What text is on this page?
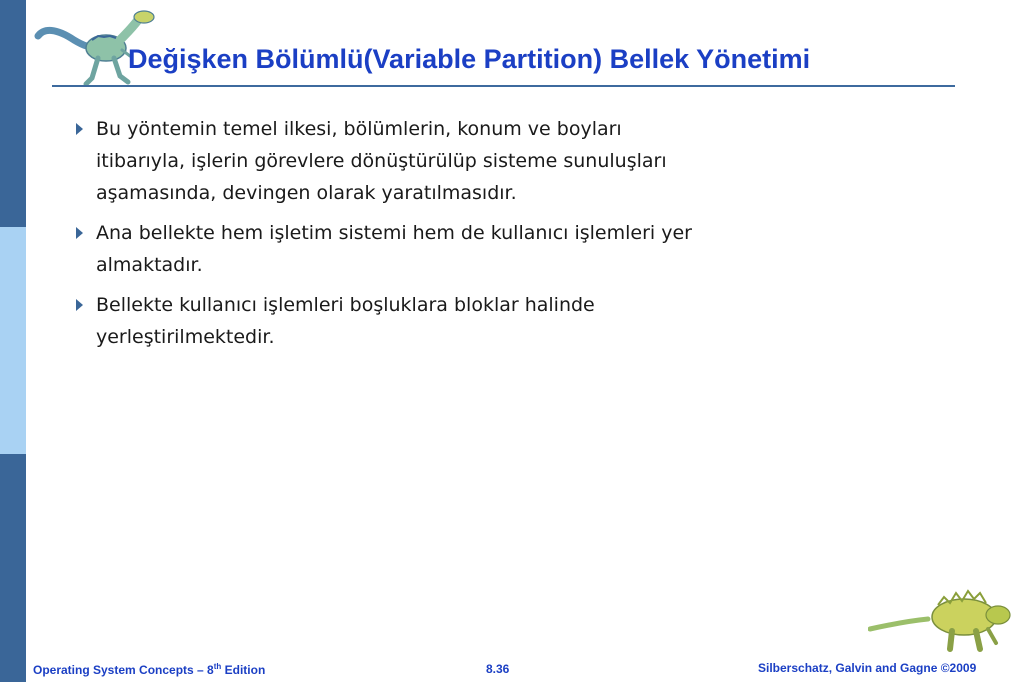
Değişken Bölümlü(Variable Partition) Bellek Yönetimi
Bu yöntemin temel ilkesi, bölümlerin, konum ve boyları itibarıyla, işlerin görevlere dönüştürülüp sisteme sunuluşları aşamasında, devingen olarak yaratılmasıdır.
Ana bellekte hem işletim sistemi hem de kullanıcı işlemleri yer almaktadır.
Bellekte kullanıcı işlemleri boşluklara bloklar halinde yerleştirilmektedir.
Operating System Concepts – 8th Edition	8.36	Silberschatz, Galvin and Gagne ©2009
